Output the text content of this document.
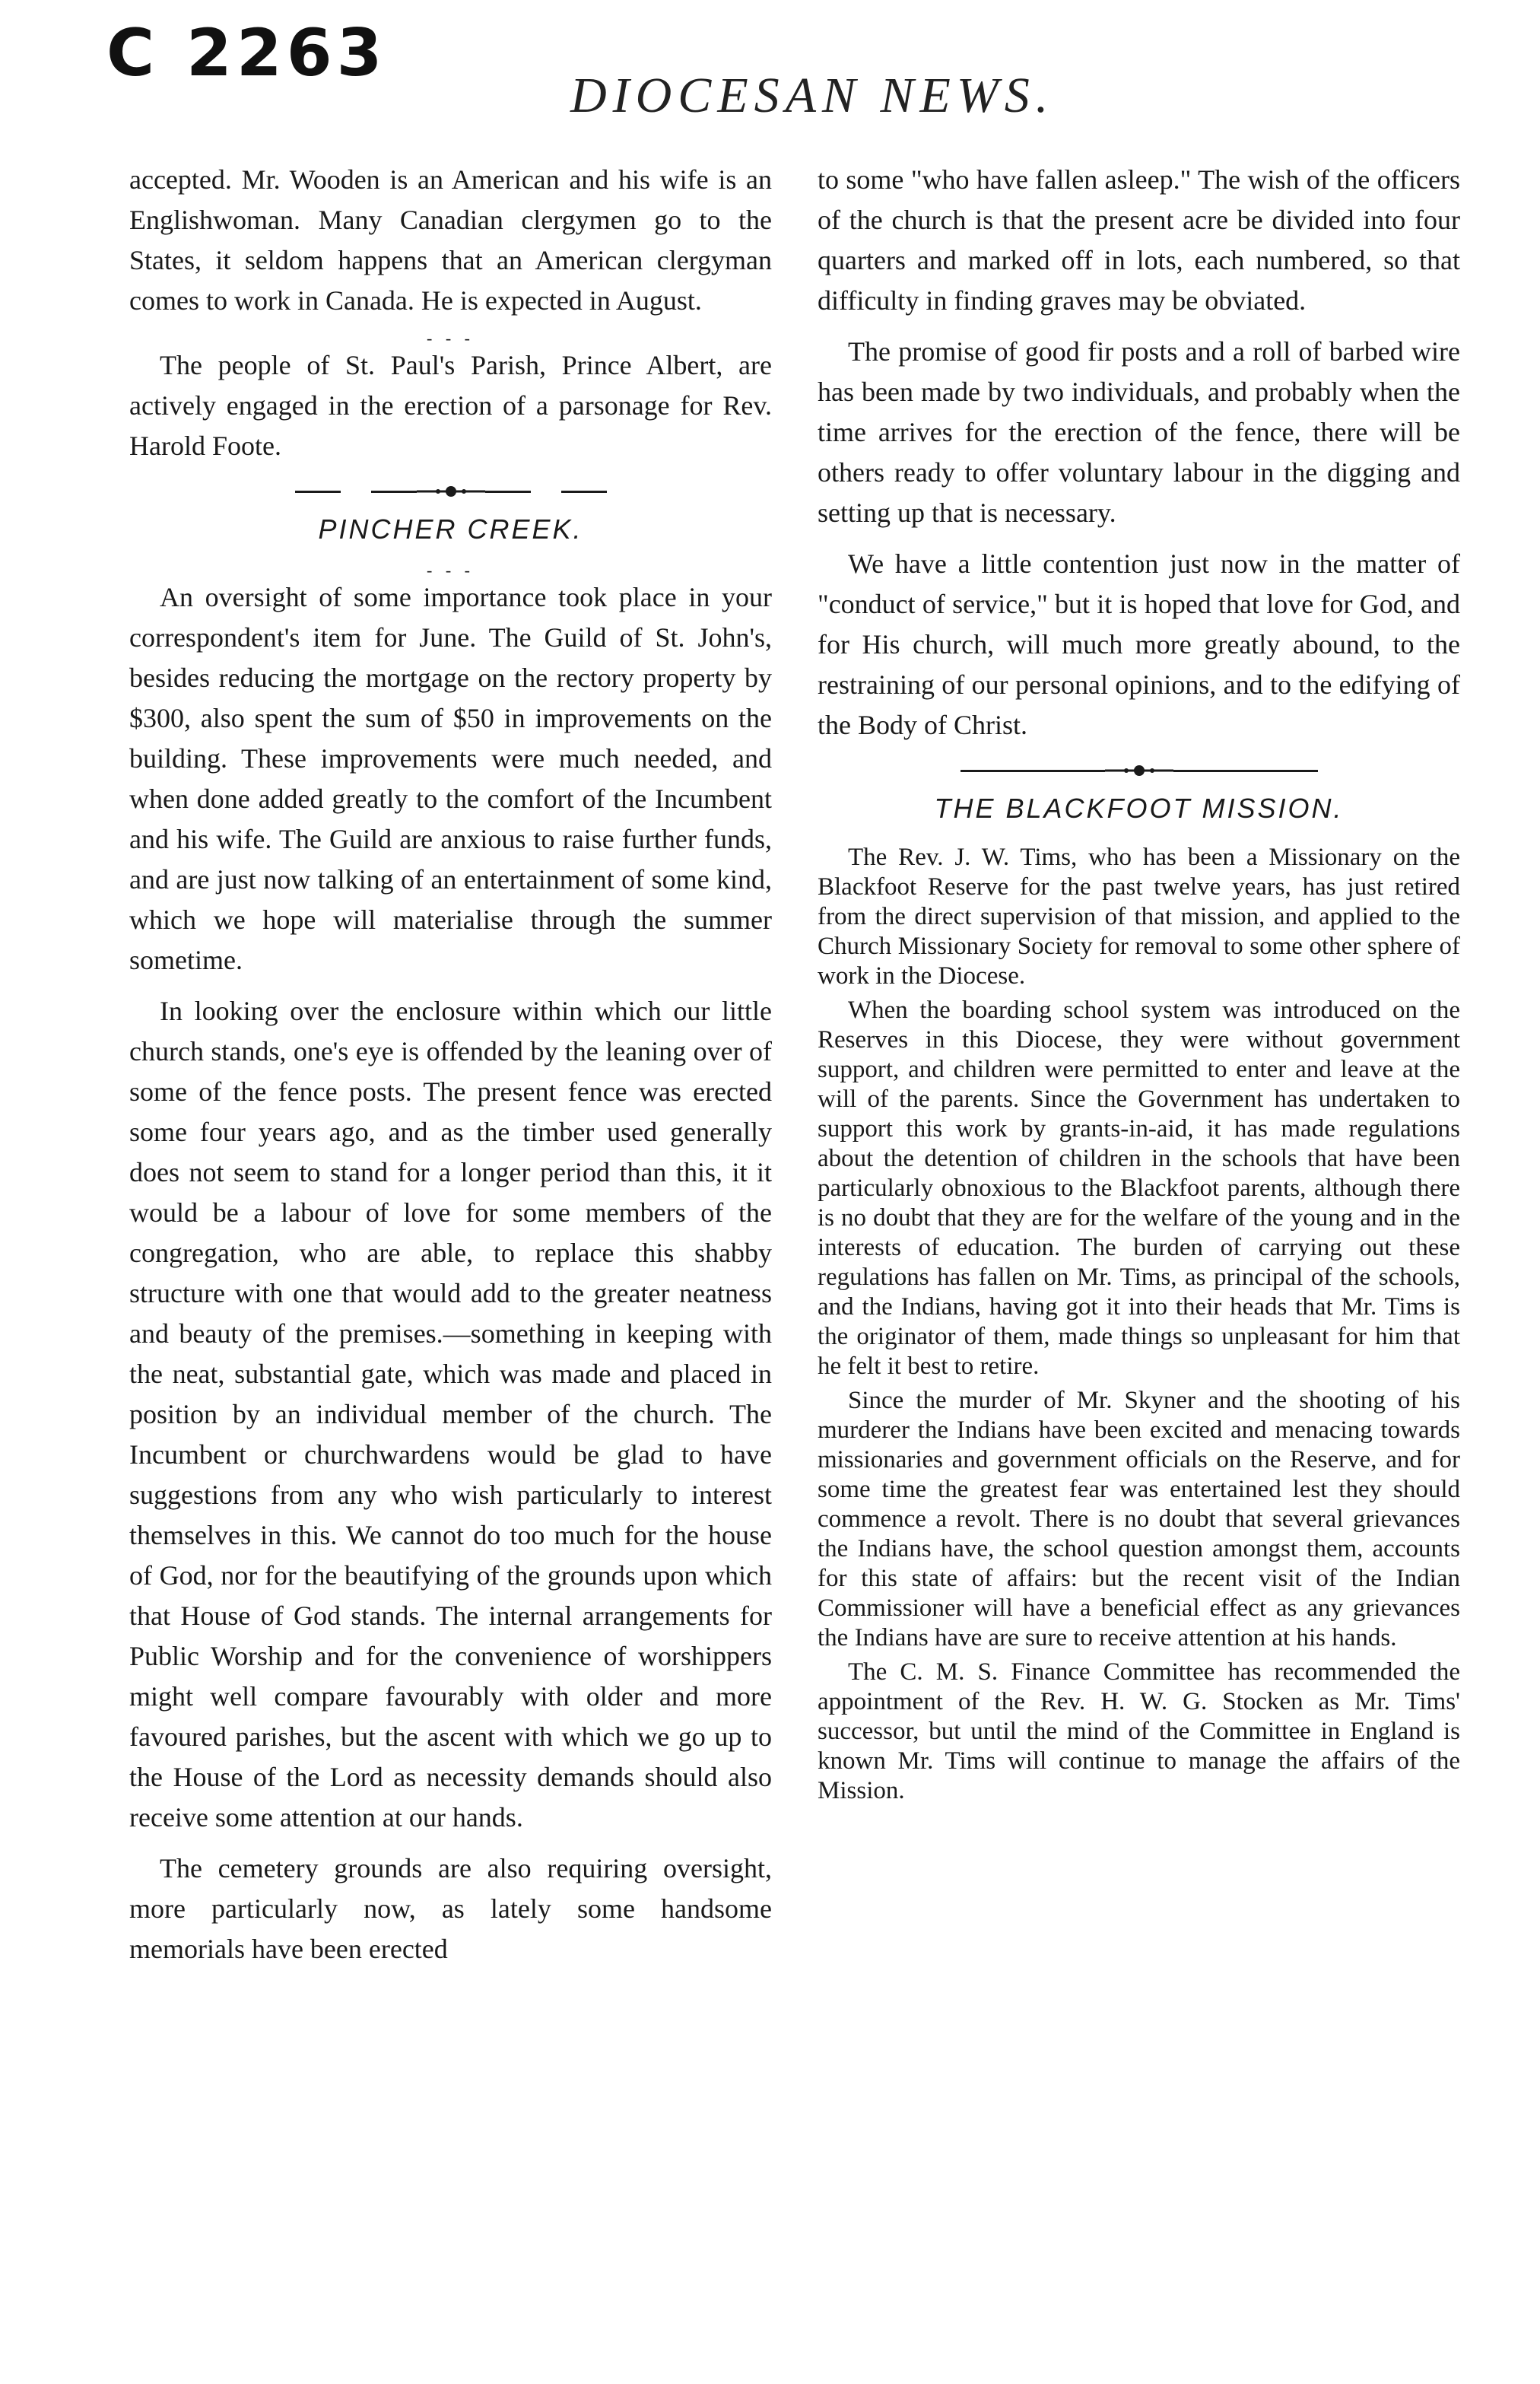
C 2263
DIOCESAN NEWS.

accepted. Mr. Wooden is an American and his wife is an Englishwoman. Many Canadian clergymen go to the States, it seldom happens that an American clergyman comes to work in Canada. He is expected in August.

- - -

The people of St. Paul's Parish, Prince Albert, are actively engaged in the erection of a parsonage for Rev. Harold Foote.

PINCHER CREEK.
- - -

An oversight of some importance took place in your correspondent's item for June. The Guild of St. John's, besides reducing the mortgage on the rectory property by $300, also spent the sum of $50 in improvements on the building. These improvements were much needed, and when done added greatly to the comfort of the Incumbent and his wife. The Guild are anxious to raise further funds, and are just now talking of an entertainment of some kind, which we hope will materialise through the summer sometime.

In looking over the enclosure within which our little church stands, one's eye is offended by the leaning over of some of the fence posts. The present fence was erected some four years ago, and as the timber used generally does not seem to stand for a longer period than this, it it would be a labour of love for some members of the congregation, who are able, to replace this shabby structure with one that would add to the greater neatness and beauty of the premises.—something in keeping with the neat, substantial gate, which was made and placed in position by an individual member of the church. The Incumbent or churchwardens would be glad to have suggestions from any who wish particularly to interest themselves in this. We cannot do too much for the house of God, nor for the beautifying of the grounds upon which that House of God stands. The internal arrangements for Public Worship and for the convenience of worshippers might well compare favourably with older and more favoured parishes, but the ascent with which we go up to the House of the Lord as necessity demands should also receive some attention at our hands.

The cemetery grounds are also requiring oversight, more particularly now, as lately some handsome memorials have been erected

to some "who have fallen asleep." The wish of the officers of the church is that the present acre be divided into four quarters and marked off in lots, each numbered, so that difficulty in finding graves may be obviated.

The promise of good fir posts and a roll of barbed wire has been made by two individuals, and probably when the time arrives for the erection of the fence, there will be others ready to offer voluntary labour in the digging and setting up that is necessary.

We have a little contention just now in the matter of "conduct of service," but it is hoped that love for God, and for His church, will much more greatly abound, to the restraining of our personal opinions, and to the edifying of the Body of Christ.

THE BLACKFOOT MISSION.

The Rev. J. W. Tims, who has been a Missionary on the Blackfoot Reserve for the past twelve years, has just retired from the direct supervision of that mission, and applied to the Church Missionary Society for removal to some other sphere of work in the Diocese.

When the boarding school system was introduced on the Reserves in this Diocese, they were without government support, and children were permitted to enter and leave at the will of the parents. Since the Government has undertaken to support this work by grants-in-aid, it has made regulations about the detention of children in the schools that have been particularly obnoxious to the Blackfoot parents, although there is no doubt that they are for the welfare of the young and in the interests of education. The burden of carrying out these regulations has fallen on Mr. Tims, as principal of the schools, and the Indians, having got it into their heads that Mr. Tims is the originator of them, made things so unpleasant for him that he felt it best to retire.

Since the murder of Mr. Skyner and the shooting of his murderer the Indians have been excited and menacing towards missionaries and government officials on the Reserve, and for some time the greatest fear was entertained lest they should commence a revolt. There is no doubt that several grievances the Indians have, the school question amongst them, accounts for this state of affairs: but the recent visit of the Indian Commissioner will have a beneficial effect as any grievances the Indians have are sure to receive attention at his hands.

The C. M. S. Finance Committee has recommended the appointment of the Rev. H. W. G. Stocken as Mr. Tims' successor, but until the mind of the Committee in England is known Mr. Tims will continue to manage the affairs of the Mission.
